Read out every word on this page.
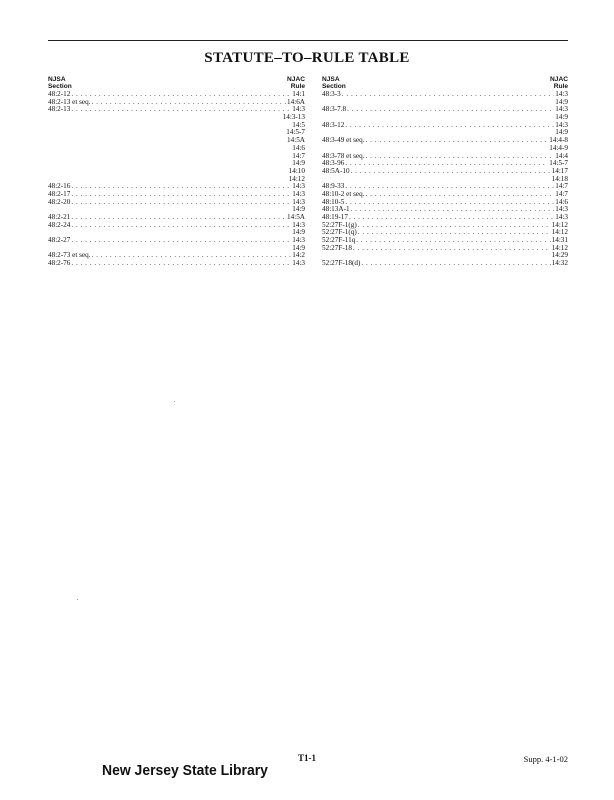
STATUTE–TO–RULE TABLE
NJSA	NJAC
Section	Rule
48:2-12 . . .	14:1
48:2-13 et seq. . . .	14:6A
48:2-13 . . .	14:3
14:3-13
14:5
14:5-7
14:5A
14:6
14:7
14:9
14:10
14:12
48:2-16 . . .	14:3
48:2-17 . . .	14:3
48:2-20 . . .	14:3
14:9
48:2-21 . . .	14:5A
48:2-24 . . .	14:3
14:9
48:2-27 . . .	14:3
14:9
48:2-73 et seq. . . .	14:2
48:2-76 . . .	14:3
NJSA	NJAC
Section	Rule
48:3-3 . . .	14:3
14:9
48:3-7.8 . . .	14:3
14:9
48:3-12 . . .	14:3
14:9
48:3-49 et seq. . . .	14:4-8
14:4-9
48:3-78 et seq. . . .	14:4
48:3-96 . . .	14:5-7
48:5A-10 . . .	14:17
14:18
48:9-33 . . .	14:7
48:10-2 et seq. . . .	14:7
48:10-5 . . .	14:6
48:13A-1 . . .	14:3
48:19-17 . . .	14:3
52:27F-1(g) . . .	14:12
52:27F-1(q) . . .	14:12
52:27F-11q . . .	14:31
52:27F-18 . . .	14:12
14:29
52:27F-18(d) . . .	14:32
T1-1	Supp. 4-1-02
New Jersey State Library
